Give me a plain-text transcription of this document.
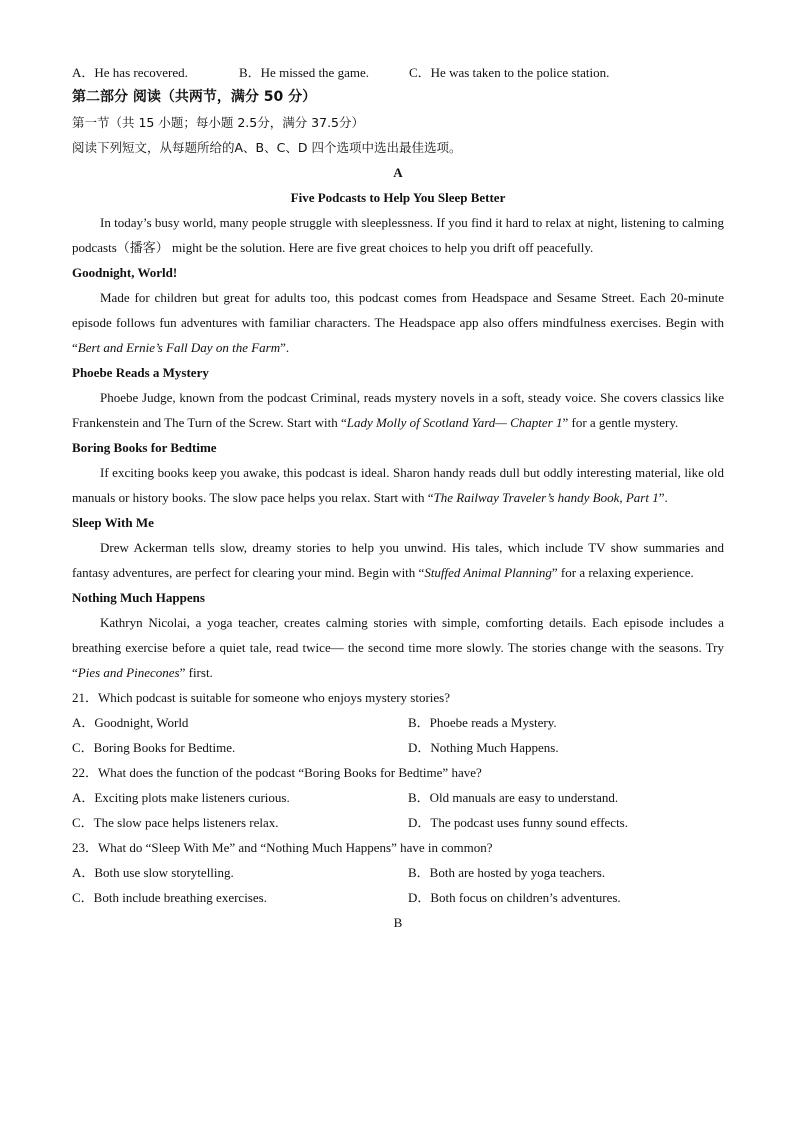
A．He has recovered.	B．He missed the game.	C．He was taken to the police station.
第二部分 阅读（共两节，满分 50 分）
第一节（共 15 小题；每小题 2.5分，满分 37.5分）
阅读下列短文，从每题所给的A、B、C、D 四个选项中选出最佳选项。
A
Five Podcasts to Help You Sleep Better
In today’s busy world, many people struggle with sleeplessness. If you find it hard to relax at night, listening to calming podcasts（播客） might be the solution. Here are five great choices to help you drift off peacefully.
Goodnight, World!
Made for children but great for adults too, this podcast comes from Headspace and Sesame Street. Each 20-minute episode follows fun adventures with familiar characters. The Headspace app also offers mindfulness exercises. Begin with “Bert and Ernie’s Fall Day on the Farm”.
Phoebe Reads a Mystery
Phoebe Judge, known from the podcast Criminal, reads mystery novels in a soft, steady voice. She covers classics like Frankenstein and The Turn of the Screw. Start with “Lady Molly of Scotland Yard— Chapter 1” for a gentle mystery.
Boring Books for Bedtime
If exciting books keep you awake, this podcast is ideal. Sharon handy reads dull but oddly interesting material, like old manuals or history books. The slow pace helps you relax. Start with “The Railway Traveler’s handy Book, Part 1”.
Sleep With Me
Drew Ackerman tells slow, dreamy stories to help you unwind. His tales, which include TV show summaries and fantasy adventures, are perfect for clearing your mind. Begin with “Stuffed Animal Planning” for a relaxing experience.
Nothing Much Happens
Kathryn Nicolai, a yoga teacher, creates calming stories with simple, comforting details. Each episode includes a breathing exercise before a quiet tale, read twice— the second time more slowly. The stories change with the seasons. Try “Pies and Pinecones” first.
21．Which podcast is suitable for someone who enjoys mystery stories?
A．Goodnight, World	B．Phoebe reads a Mystery.
C．Boring Books for Bedtime.	D．Nothing Much Happens.
22．What does the function of the podcast “Boring Books for Bedtime” have?
A．Exciting plots make listeners curious.	B．Old manuals are easy to understand.
C．The slow pace helps listeners relax.	D．The podcast uses funny sound effects.
23．What do “Sleep With Me” and “Nothing Much Happens” have in common?
A．Both use slow storytelling.	B．Both are hosted by yoga teachers.
C．Both include breathing exercises.	D．Both focus on children’s adventures.
B
